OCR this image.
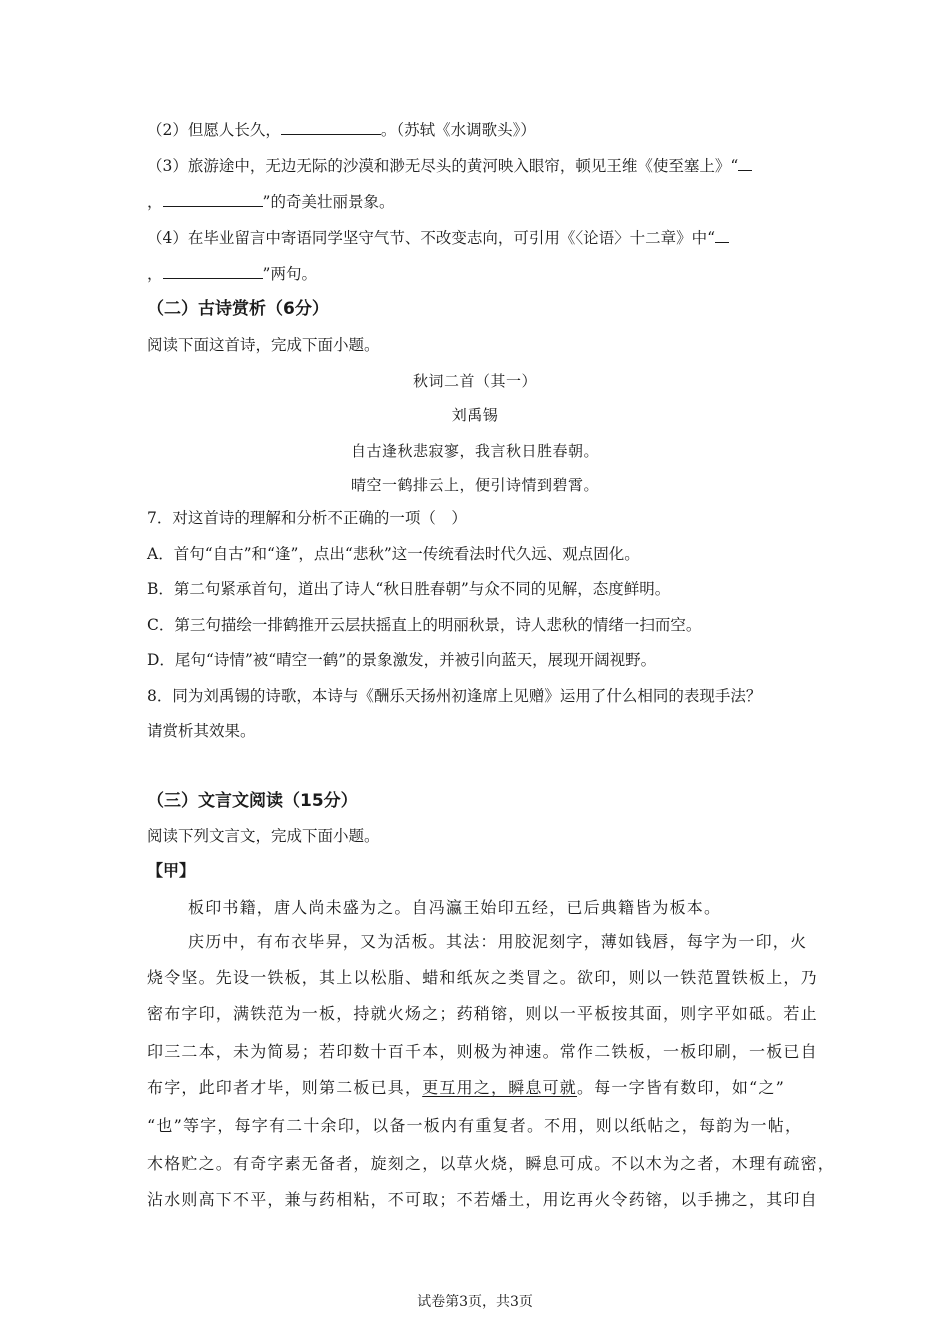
（2）但愿人长久，	。（苏轼《水调歌头》）
（3）旅游途中，无边无际的沙漠和渺无尽头的黄河映入眼帘，顿见王维《使至塞上》“
，	”的奇美壮丽景象。
（4）在毕业留言中寄语同学坚守气节、不改变志向，可引用《〈论语〉十二章》中“
，	”两句。
（二）古诗赏析（6分）
阅读下面这首诗，完成下面小题。
秋词二首（其一）
刘禹锡
自古逢秋悲寂寥，我言秋日胜春朝。
晴空一鹤排云上，便引诗情到碧霄。
7．对这首诗的理解和分析不正确的一项（　）
A．首句“自古”和“逢”，点出“悲秋”这一传统看法时代久远、观点固化。
B．第二句紧承首句，道出了诗人“秋日胜春朝”与众不同的见解，态度鲜明。
C．第三句描绘一排鹤推开云层扶摇直上的明丽秋景，诗人悲秋的情绪一扫而空。
D．尾句“诗情”被“晴空一鹤”的景象激发，并被引向蓝天，展现开阔视野。
8．同为刘禹锡的诗歌，本诗与《酬乐天扬州初逢席上见赠》运用了什么相同的表现手法？
请赏析其效果。
（三）文言文阅读（15分）
阅读下列文言文，完成下面小题。
【甲】
板印书籍，唐人尚未盛为之。自冯瀛王始印五经，已后典籍皆为板本。
庆历中，有布衣毕昇，又为活板。其法：用胶泥刻字，薄如钱唇，每字为一印，火
烧令坚。先设一铁板，其上以松脂、蜡和纸灰之类冒之。欲印，则以一铁范置铁板上，乃
密布字印，满铁范为一板，持就火炀之；药稍镕，则以一平板按其面，则字平如砥。若止
印三二本，未为简易；若印数十百千本，则极为神速。常作二铁板，一板印刷，一板已自
布字，此印者才毕，则第二板已具，更互用之，瞬息可就。每一字皆有数印，如“之”
“也”等字，每字有二十余印，以备一板内有重复者。不用，则以纸帖之，每韵为一帖，
木格贮之。有奇字素无备者，旋刻之，以草火烧，瞬息可成。不以木为之者，木理有疏密，
沾水则高下不平，兼与药相粘，不可取；不若燔土，用讫再火令药镕，以手拂之，其印自
试卷第3页，共3页
